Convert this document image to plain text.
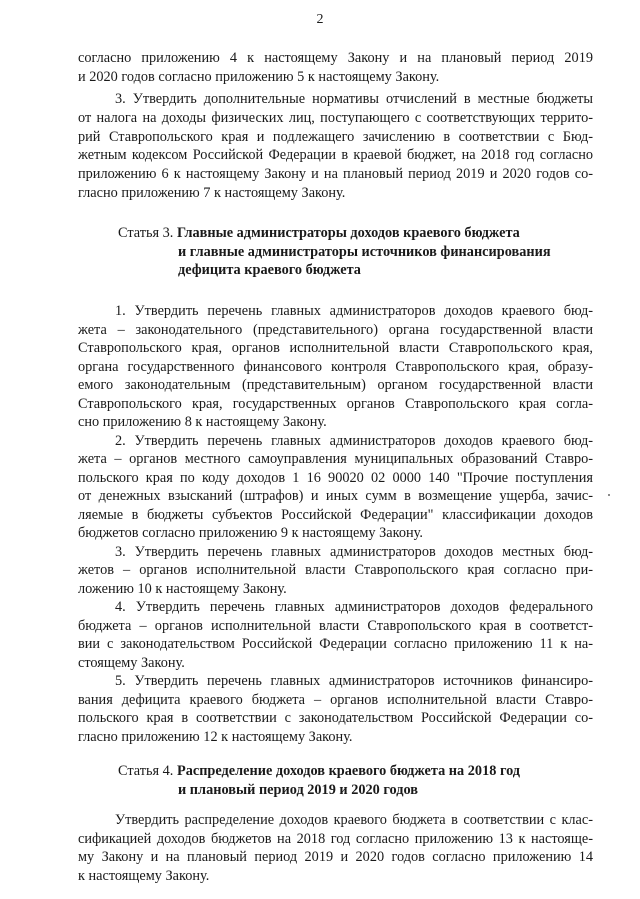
2
согласно приложению 4 к настоящему Закону и на плановый период 2019
и 2020 годов согласно приложению 5 к настоящему Закону.
3. Утвердить дополнительные нормативы отчислений в местные бюджеты
от налога на доходы физических лиц, поступающего с соответствующих террито-
рий Ставропольского края и подлежащего зачислению в соответствии с Бюд-
жетным кодексом Российской Федерации в краевой бюджет, на 2018 год согласно
приложению 6 к настоящему Закону и на плановый период 2019 и 2020 годов со-
гласно приложению 7 к настоящему Закону.
Статья 3. Главные администраторы доходов краевого бюджета
и главные администраторы источников финансирования
дефицита краевого бюджета
1. Утвердить перечень главных администраторов доходов краевого бюд-
жета – законодательного (представительного) органа государственной власти
Ставропольского края, органов исполнительной власти Ставропольского края,
органа государственного финансового контроля Ставропольского края, образу-
емого законодательным (представительным) органом государственной власти
Ставропольского края, государственных органов Ставропольского края согла-
сно приложению 8 к настоящему Закону.
2. Утвердить перечень главных администраторов доходов краевого бюд-
жета – органов местного самоуправления муниципальных образований Ставро-
польского края по коду доходов 1 16 90020 02 0000 140 "Прочие поступления
от денежных взысканий (штрафов) и иных сумм в возмещение ущерба, зачис-
ляемые в бюджеты субъектов Российской Федерации" классификации доходов
бюджетов согласно приложению 9 к настоящему Закону.
3. Утвердить перечень главных администраторов доходов местных бюд-
жетов – органов исполнительной власти Ставропольского края согласно при-
ложению 10 к настоящему Закону.
4. Утвердить перечень главных администраторов доходов федерального
бюджета – органов исполнительной власти Ставропольского края в соответст-
вии с законодательством Российской Федерации согласно приложению 11 к на-
стоящему Закону.
5. Утвердить перечень главных администраторов источников финансиро-
вания дефицита краевого бюджета – органов исполнительной власти Ставро-
польского края в соответствии с законодательством Российской Федерации со-
гласно приложению 12 к настоящему Закону.
Статья 4. Распределение доходов краевого бюджета на 2018 год
и плановый период 2019 и 2020 годов
Утвердить распределение доходов краевого бюджета в соответствии с клас-
сификацией доходов бюджетов на 2018 год согласно приложению 13 к настояще-
му Закону и на плановый период 2019 и 2020 годов согласно приложению 14
к настоящему Закону.
